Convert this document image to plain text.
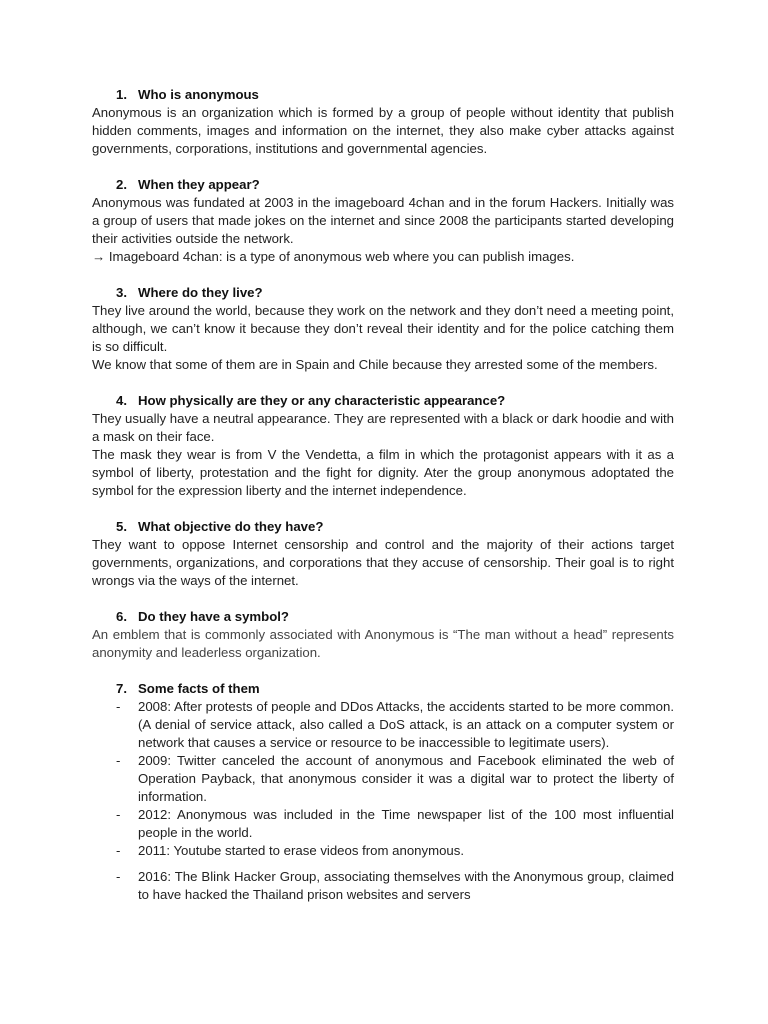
1. Who is anonymous

Anonymous is an organization which is formed by a group of people without identity that publish hidden comments, images and information on the internet, they also make cyber attacks against governments, corporations, institutions and governmental agencies.

2. When they appear?

Anonymous was fundated at 2003 in the imageboard 4chan and in the forum Hackers. Initially was a group of users that made jokes on the internet and since 2008 the participants started developing their activities outside the network.

→ Imageboard 4chan: is a type of anonymous web where you can publish images.

3. Where do they live?

They live around the world, because they work on the network and they don’t need a meeting point, although, we can’t know it because they don’t reveal their identity and for the police catching them is so difficult.

We know that some of them are in Spain and Chile because they arrested some of the members.

4. How physically are they or any characteristic appearance?

They usually have a neutral appearance. They are represented with a black or dark hoodie and with a mask on their face.

The mask they wear is from V the Vendetta, a film in which the protagonist appears with it as a symbol of liberty, protestation and the fight for dignity. Ater the group anonymous adoptated the symbol for the expression liberty and the internet independence.

5. What objective do they have?

They want to oppose Internet censorship and control and the majority of their actions target governments, organizations, and corporations that they accuse of censorship. Their goal is to right wrongs via the ways of the internet.

6. Do they have a symbol?

An emblem that is commonly associated with Anonymous is “The man without a head” represents anonymity and leaderless organization.

7. Some facts of them
-	2008: After protests of people and DDos Attacks, the accidents started to be more common. (A denial of service attack, also called a DoS attack, is an attack on a computer system or network that causes a service or resource to be inaccessible to legitimate users).
-	2009: Twitter canceled the account of anonymous and Facebook eliminated the web of Operation Payback, that anonymous consider it was a digital war to protect the liberty of information.
-	2012: Anonymous was included in the Time newspaper list of the 100 most influential people in the world.
-	2011: Youtube started to erase videos from anonymous.
-	2016: The Blink Hacker Group, associating themselves with the Anonymous group, claimed to have hacked the Thailand prison websites and servers
